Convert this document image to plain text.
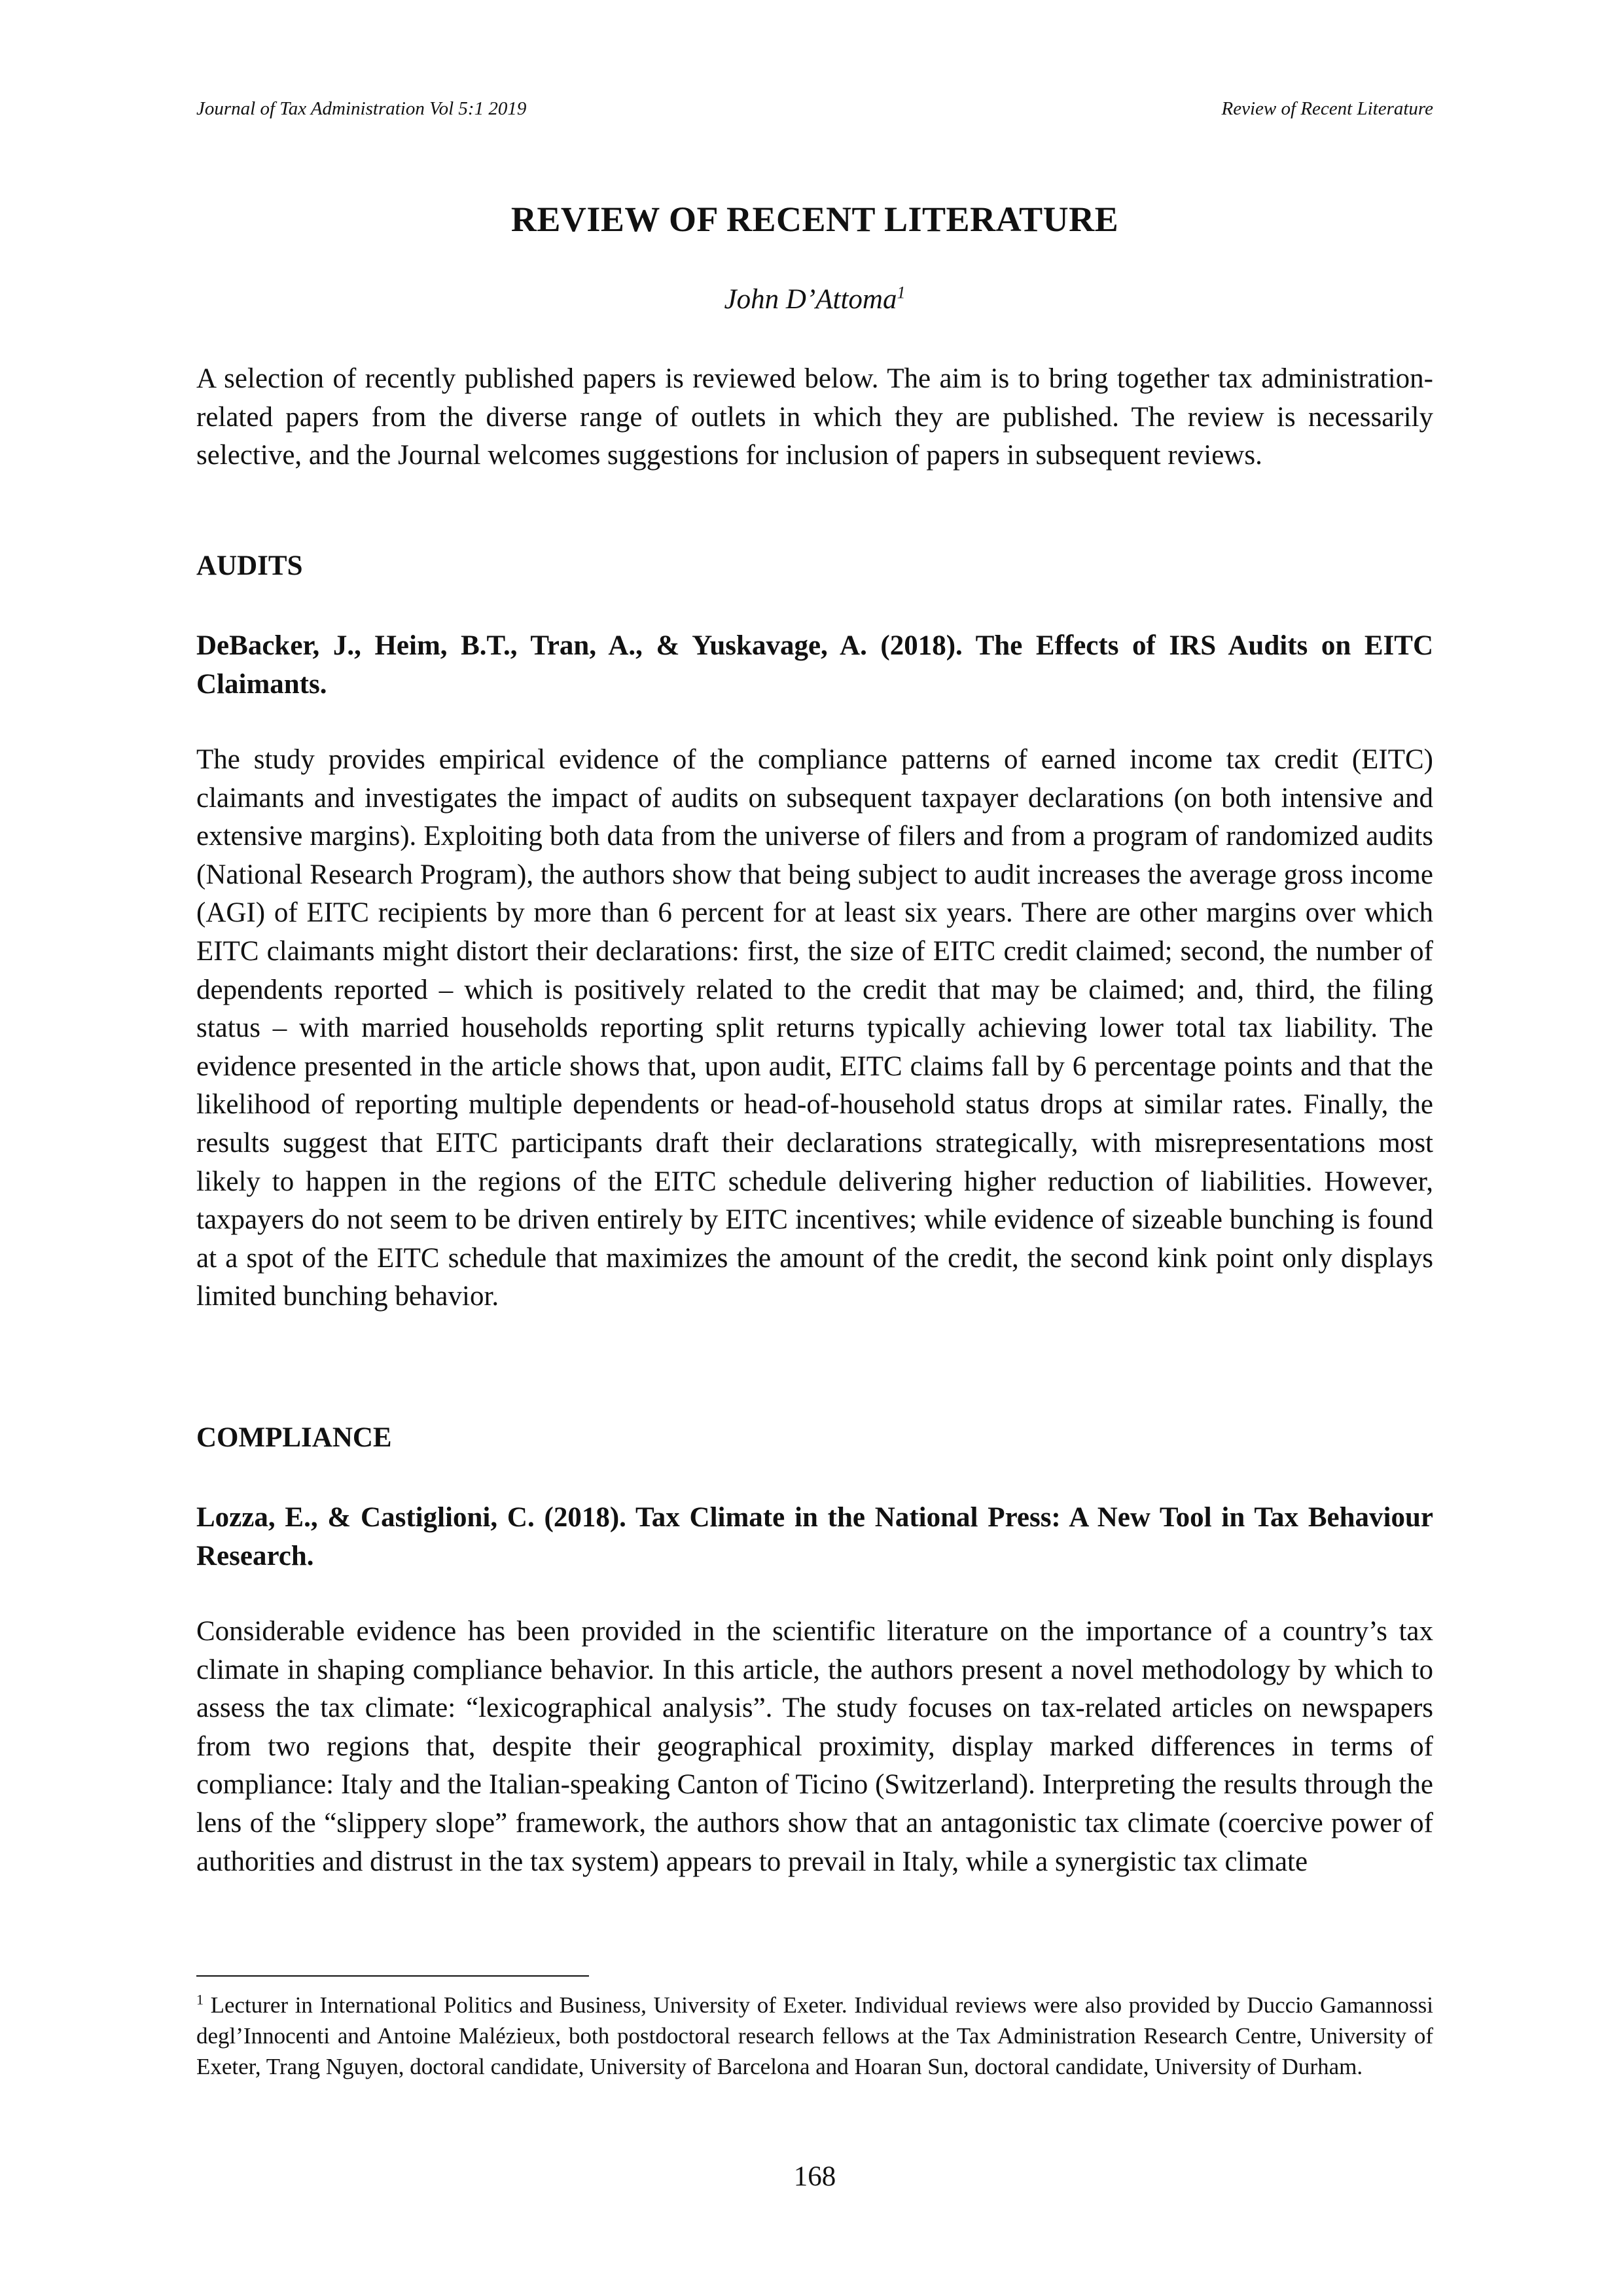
Journal of Tax Administration Vol 5:1 2019	Review of Recent Literature
REVIEW OF RECENT LITERATURE
John D’Attoma$^1$

A selection of recently published papers is reviewed below. The aim is to bring together tax administration-related papers from the diverse range of outlets in which they are published. The review is necessarily selective, and the Journal welcomes suggestions for inclusion of papers in subsequent reviews.

AUDITS

DeBacker, J., Heim, B.T., Tran, A., & Yuskavage, A. (2018). The Effects of IRS Audits on EITC Claimants.

The study provides empirical evidence of the compliance patterns of earned income tax credit (EITC) claimants and investigates the impact of audits on subsequent taxpayer declarations (on both intensive and extensive margins). Exploiting both data from the universe of filers and from a program of randomized audits (National Research Program), the authors show that being subject to audit increases the average gross income (AGI) of EITC recipients by more than 6 percent for at least six years. There are other margins over which EITC claimants might distort their declarations: first, the size of EITC credit claimed; second, the number of dependents reported – which is positively related to the credit that may be claimed; and, third, the filing status – with married households reporting split returns typically achieving lower total tax liability. The evidence presented in the article shows that, upon audit, EITC claims fall by 6 percentage points and that the likelihood of reporting multiple dependents or head-of-household status drops at similar rates. Finally, the results suggest that EITC participants draft their declarations strategically, with misrepresentations most likely to happen in the regions of the EITC schedule delivering higher reduction of liabilities. However, taxpayers do not seem to be driven entirely by EITC incentives; while evidence of sizeable bunching is found at a spot of the EITC schedule that maximizes the amount of the credit, the second kink point only displays limited bunching behavior.

COMPLIANCE

Lozza, E., & Castiglioni, C. (2018). Tax Climate in the National Press: A New Tool in Tax Behaviour Research.

Considerable evidence has been provided in the scientific literature on the importance of a country’s tax climate in shaping compliance behavior. In this article, the authors present a novel methodology by which to assess the tax climate: “lexicographical analysis”. The study focuses on tax-related articles on newspapers from two regions that, despite their geographical proximity, display marked differences in terms of compliance: Italy and the Italian-speaking Canton of Ticino (Switzerland). Interpreting the results through the lens of the “slippery slope” framework, the authors show that an antagonistic tax climate (coercive power of authorities and distrust in the tax system) appears to prevail in Italy, while a synergistic tax climate

$^1$ Lecturer in International Politics and Business, University of Exeter. Individual reviews were also provided by Duccio Gamannossi degl’Innocenti and Antoine Malézieux, both postdoctoral research fellows at the Tax Administration Research Centre, University of Exeter, Trang Nguyen, doctoral candidate, University of Barcelona and Hoaran Sun, doctoral candidate, University of Durham.

168
